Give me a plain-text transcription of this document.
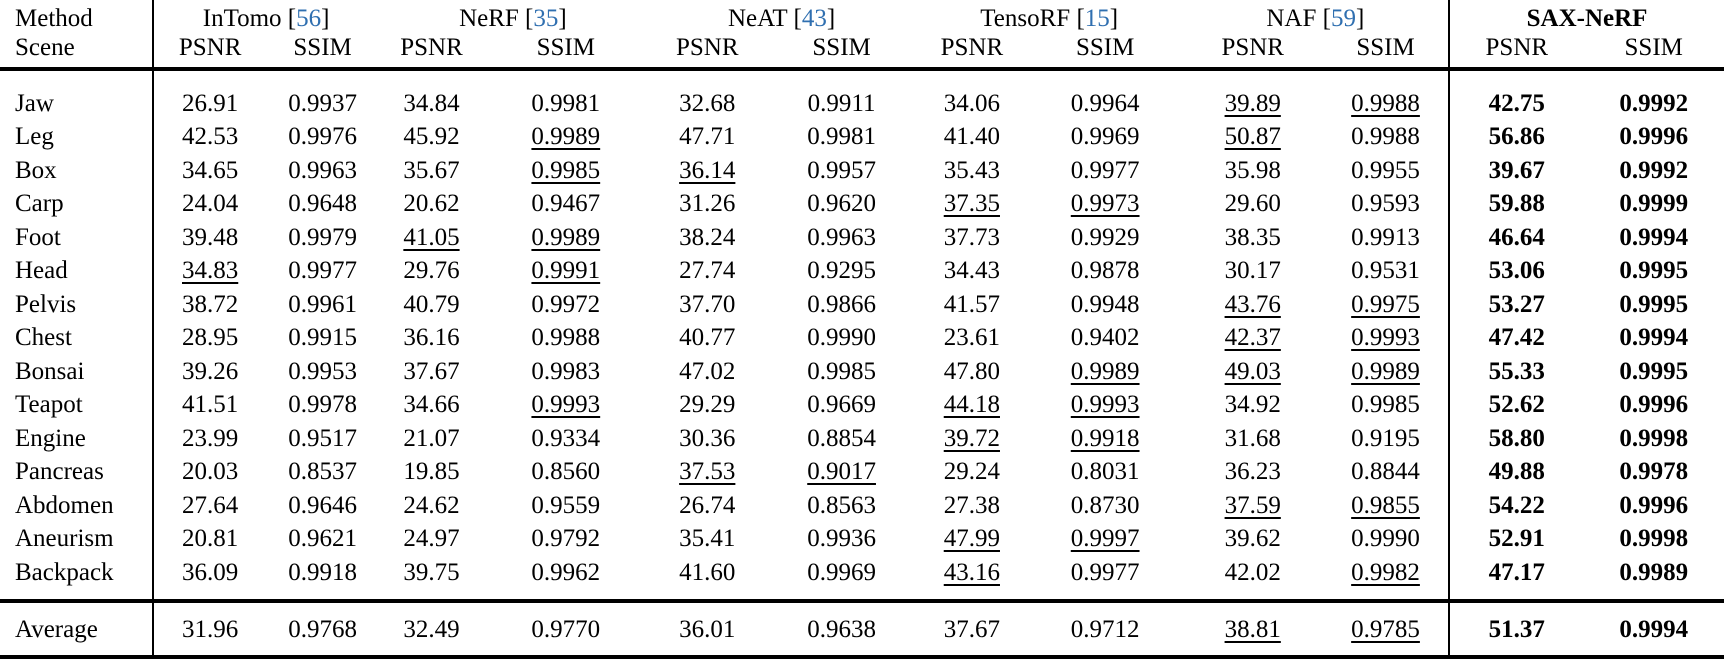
Method	InTomo [56]		NeRF [35]		NeAT [43]		TensoRF [15]		NAF [59]		SAX-NeRF	
Scene	PSNR	SSIM	PSNR	SSIM	PSNR	SSIM	PSNR	SSIM	PSNR	SSIM	PSNR	SSIM

Jaw	26.91	0.9937	34.84	0.9981	32.68	0.9911	34.06	0.9964	39.89	0.9988	42.75	0.9992
Leg	42.53	0.9976	45.92	0.9989	47.71	0.9981	41.40	0.9969	50.87	0.9988	56.86	0.9996
Box	34.65	0.9963	35.67	0.9985	36.14	0.9957	35.43	0.9977	35.98	0.9955	39.67	0.9992
Carp	24.04	0.9648	20.62	0.9467	31.26	0.9620	37.35	0.9973	29.60	0.9593	59.88	0.9999
Foot	39.48	0.9979	41.05	0.9989	38.24	0.9963	37.73	0.9929	38.35	0.9913	46.64	0.9994
Head	34.83	0.9977	29.76	0.9991	27.74	0.9295	34.43	0.9878	30.17	0.9531	53.06	0.9995
Pelvis	38.72	0.9961	40.79	0.9972	37.70	0.9866	41.57	0.9948	43.76	0.9975	53.27	0.9995
Chest	28.95	0.9915	36.16	0.9988	40.77	0.9990	23.61	0.9402	42.37	0.9993	47.42	0.9994
Bonsai	39.26	0.9953	37.67	0.9983	47.02	0.9985	47.80	0.9989	49.03	0.9989	55.33	0.9995
Teapot	41.51	0.9978	34.66	0.9993	29.29	0.9669	44.18	0.9993	34.92	0.9985	52.62	0.9996
Engine	23.99	0.9517	21.07	0.9334	30.36	0.8854	39.72	0.9918	31.68	0.9195	58.80	0.9998
Pancreas	20.03	0.8537	19.85	0.8560	37.53	0.9017	29.24	0.8031	36.23	0.8844	49.88	0.9978
Abdomen	27.64	0.9646	24.62	0.9559	26.74	0.8563	27.38	0.8730	37.59	0.9855	54.22	0.9996
Aneurism	20.81	0.9621	24.97	0.9792	35.41	0.9936	47.99	0.9997	39.62	0.9990	52.91	0.9998
Backpack	36.09	0.9918	39.75	0.9962	41.60	0.9969	43.16	0.9977	42.02	0.9982	47.17	0.9989

Average	31.96	0.9768	32.49	0.9770	36.01	0.9638	37.67	0.9712	38.81	0.9785	51.37	0.9994
